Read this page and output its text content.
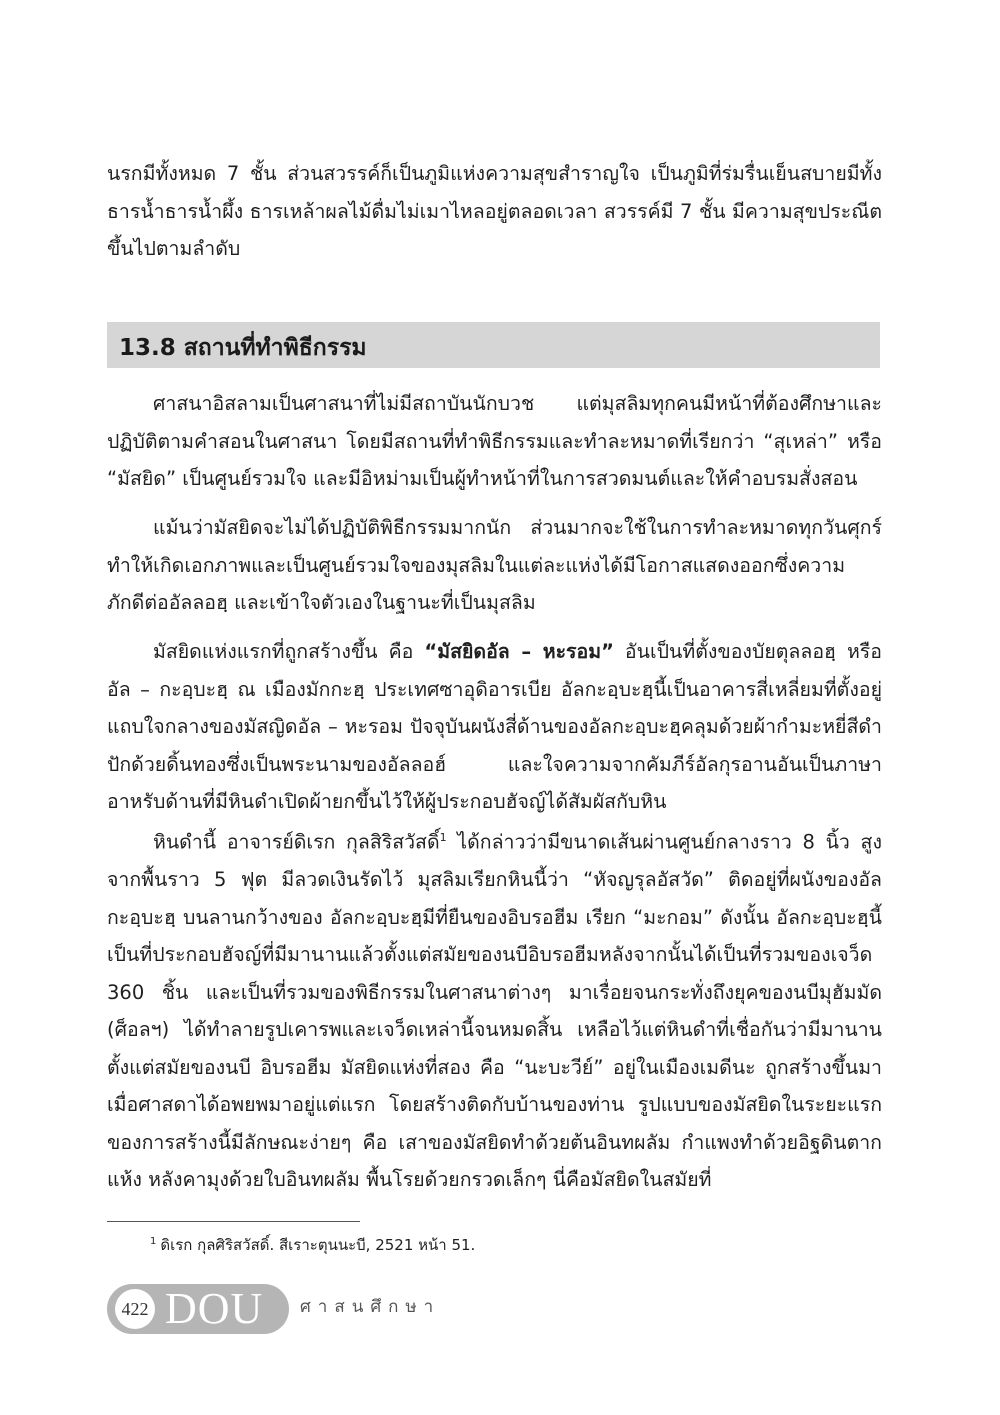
นรกมีทั้งหมด 7 ชั้น ส่วนสวรรค์ก็เป็นภูมิแห่งความสุขสำราญใจ เป็นภูมิที่ร่มรื่นเย็นสบายมีทั้งธารน้ำธารน้ำผึ้ง ธารเหล้าผลไม้ดื่มไม่เมาไหลอยู่ตลอดเวลา สวรรค์มี 7 ชั้น มีความสุขประณีตขึ้นไปตามลำดับ

13.8 สถานที่ทำพิธีกรรม

ศาสนาอิสลามเป็นศาสนาที่ไม่มีสถาบันนักบวช แต่มุสลิมทุกคนมีหน้าที่ต้องศึกษาและปฏิบัติตามคำสอนในศาสนา โดยมีสถานที่ทำพิธีกรรมและทำละหมาดที่เรียกว่า “สุเหล่า” หรือ “มัสยิด” เป็นศูนย์รวมใจ และมีอิหม่ามเป็นผู้ทำหน้าที่ในการสวดมนต์และให้คำอบรมสั่งสอน

แม้นว่ามัสยิดจะไม่ได้ปฏิบัติพิธีกรรมมากนัก ส่วนมากจะใช้ในการทำละหมาดทุกวันศุกร์ ทำให้เกิดเอกภาพและเป็นศูนย์รวมใจของมุสลิมในแต่ละแห่งได้มีโอกาสแสดงออกซึ่งความภักดีต่ออัลลอฮฺ และเข้าใจตัวเองในฐานะที่เป็นมุสลิม

มัสยิดแห่งแรกที่ถูกสร้างขึ้น คือ “มัสยิดอัล – หะรอม” อันเป็นที่ตั้งของบัยตุลลอฮฺ หรือ อัล – กะอฺบะฮฺ ณ เมืองมักกะฮฺ ประเทศซาอุดิอารเบีย อัลกะอฺบะฮฺนี้เป็นอาคารสี่เหลี่ยมที่ตั้งอยู่แถบใจกลางของมัสญิดอัล – หะรอม ปัจจุบันผนังสี่ด้านของอัลกะอฺบะฮฺคลุมด้วยผ้ากำมะหยี่สีดำปักด้วยดิ้นทองซึ่งเป็นพระนามของอัลลอฮ์ และใจความจากคัมภีร์อัลกุรอานอันเป็นภาษาอาหรับด้านที่มีหินดำเปิดผ้ายกขึ้นไว้ให้ผู้ประกอบฮัจญ์ได้สัมผัสกับหิน

หินดำนี้ อาจารย์ดิเรก กุลสิริสวัสดิ์$^1$ ได้กล่าวว่ามีขนาดเส้นผ่านศูนย์กลางราว 8 นิ้ว สูงจากพื้นราว 5 ฟุต มีลวดเงินรัดไว้ มุสลิมเรียกหินนี้ว่า “หัจญรุลอัสวัด” ติดอยู่ที่ผนังของอัลกะอฺบะฮฺ บนลานกว้างของ อัลกะอฺบะฮฺมีที่ยืนของอิบรอฮีม เรียก “มะกอม” ดังนั้น อัลกะอฺบะฮฺนี้เป็นที่ประกอบฮัจญ์ที่มีมานานแล้วตั้งแต่สมัยของนบีอิบรอฮีมหลังจากนั้นได้เป็นที่รวมของเจว็ด 360 ชิ้น และเป็นที่รวมของพิธีกรรมในศาสนาต่างๆ มาเรื่อยจนกระทั่งถึงยุคของนบีมุฮัมมัด (ศ็อลฯ) ได้ทำลายรูปเคารพและเจว็ดเหล่านี้จนหมดสิ้น เหลือไว้แต่หินดำที่เชื่อกันว่ามีมานานตั้งแต่สมัยของนบี อิบรอฮีม มัสยิดแห่งที่สอง คือ “นะบะวีย์” อยู่ในเมืองเมดีนะ ถูกสร้างขึ้นมาเมื่อศาสดาได้อพยพมาอยู่แต่แรก โดยสร้างติดกับบ้านของท่าน รูปแบบของมัสยิดในระยะแรกของการสร้างนี้มีลักษณะง่ายๆ คือ เสาของมัสยิดทำด้วยต้นอินทผลัม กำแพงทำด้วยอิฐดินตากแห้ง หลังคามุงด้วยใบอินทผลัม พื้นโรยด้วยกรวดเล็กๆ นี่คือมัสยิดในสมัยที่

$^1$ ดิเรก กุลศิริสวัสดิ์. สีเราะตุนนะบี, 2521 หน้า 51.
422 DOU ศาสนศึกษา
